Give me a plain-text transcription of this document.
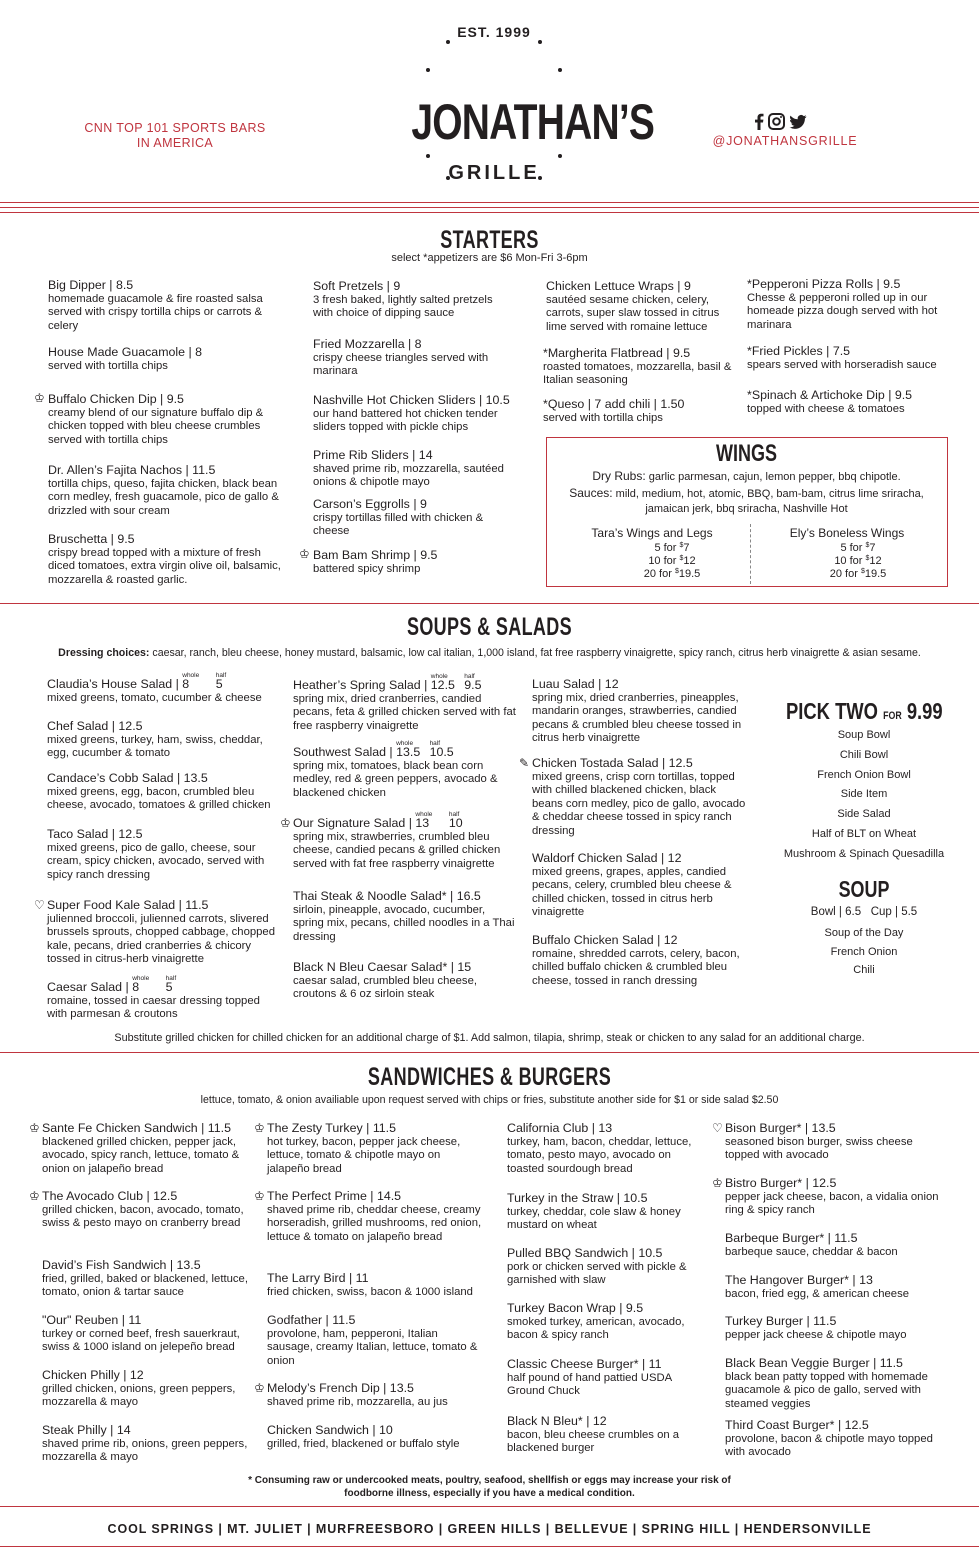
CNN TOP 101 SPORTS BARS
IN AMERICA
EST. 1999
JONATHAN’S
GRILLE
@JONATHANSGRILLE
STARTERS
select *appetizers are $6 Mon-Fri 3-6pm
Big Dipper | 8.5
homemade guacamole & fire roasted salsa served with crispy tortilla chips or carrots & celery
House Made Guacamole | 8
served with tortilla chips
♔ Buffalo Chicken Dip | 9.5
creamy blend of our signature buffalo dip & chicken topped with bleu cheese crumbles served with tortilla chips
Dr. Allen’s Fajita Nachos | 11.5
tortilla chips, queso, fajita chicken, black bean corn medley, fresh guacamole, pico de gallo & drizzled with sour cream
Bruschetta | 9.5
crispy bread topped with a mixture of fresh diced tomatoes, extra virgin olive oil, balsamic, mozzarella & roasted garlic.
Soft Pretzels | 9
3 fresh baked, lightly salted pretzels with choice of dipping sauce
Fried Mozzarella | 8
crispy cheese triangles served with marinara
Nashville Hot Chicken Sliders | 10.5
our hand battered hot chicken tender sliders topped with pickle chips
Prime Rib Sliders | 14
shaved prime rib, mozzarella, sautéed onions & chipotle mayo
Carson’s Eggrolls | 9
crispy tortillas filled with chicken & cheese
♔ Bam Bam Shrimp | 9.5
battered spicy shrimp
Chicken Lettuce Wraps | 9
sautéed sesame chicken, celery, carrots, super slaw tossed in citrus lime served with romaine lettuce
*Margherita Flatbread | 9.5
roasted tomatoes, mozzarella, basil & Italian seasoning
*Queso | 7 add chili | 1.50
served with tortilla chips
*Pepperoni Pizza Rolls | 9.5
Chesse & pepperoni rolled up in our homeade pizza dough served with hot marinara
*Fried Pickles | 7.5
spears served with horseradish sauce
*Spinach & Artichoke Dip | 9.5
topped with cheese & tomatoes
WINGS
Dry Rubs: garlic parmesan, cajun, lemon pepper, bbq chipotle.
Sauces: mild, medium, hot, atomic, BBQ, bam-bam, citrus lime sriracha,
jamaican jerk, bbq sriracha, Nashville Hot
Tara’s Wings and Legs	Ely’s Boneless Wings
5 for $7
10 for $12
20 for $19.5
5 for $7
10 for $12
20 for $19.5
SOUPS & SALADS
Dressing choices: caesar, ranch, bleu cheese, honey mustard, balsamic, low cal italian, 1,000 island, fat free raspberry vinaigrette, spicy ranch, citrus herb vinaigrette & asian sesame.
Claudia’s House Salad |
whole
8
half
5
mixed greens, tomato, cucumber & cheese
Chef Salad | 12.5
mixed greens, turkey, ham, swiss, cheddar, egg, cucumber & tomato
Candace’s Cobb Salad | 13.5
mixed greens, egg, bacon, crumbled bleu cheese, avocado, tomatoes & grilled chicken
Taco Salad | 12.5
mixed greens, pico de gallo, cheese, sour cream, spicy chicken, avocado, served with spicy ranch dressing
♡ Super Food Kale Salad | 11.5
julienned broccoli, julienned carrots, slivered brussels sprouts, chopped cabbage, chopped kale, pecans, dried cranberries & chicory tossed in citrus-herb vinaigrette
Caesar Salad |
whole
8
half
5
romaine, tossed in caesar dressing topped with parmesan & croutons
Heather’s Spring Salad |
whole
12.5
half
9.5
spring mix, dried cranberries, candied pecans, feta & grilled chicken served with fat free raspberry vinaigrette
Southwest Salad |
whole
13.5
half
10.5
spring mix, tomatoes, black bean corn medley, red & green peppers, avocado & blackened chicken
♔ Our Signature Salad |
whole
13
half
10
spring mix, strawberries, crumbled bleu cheese, candied pecans & grilled chicken served with fat free raspberry vinaigrette
Thai Steak & Noodle Salad* | 16.5
sirloin, pineapple, avocado, cucumber, spring mix, pecans, chilled noodles in a Thai dressing
Black N Bleu Caesar Salad* | 15
caesar salad, crumbled bleu cheese, croutons & 6 oz sirloin steak
Luau Salad | 12
spring mix, dried cranberries, pineapples, mandarin oranges, strawberries, candied pecans & crumbled bleu cheese tossed in citrus herb vinaigrette
✎ Chicken Tostada Salad | 12.5
mixed greens, crisp corn tortillas, topped with chilled blackened chicken, black beans corn medley, pico de gallo, avocado & cheddar cheese tossed in spicy ranch dressing
Waldorf Chicken Salad | 12
mixed greens, grapes, apples, candied pecans, celery, crumbled bleu cheese & chilled chicken, tossed in citrus herb vinaigrette
Buffalo Chicken Salad | 12
romaine, shredded carrots, celery, bacon, chilled buffalo chicken & crumbled bleu cheese, tossed in ranch dressing
PICK TWO FOR 9.99
Soup Bowl
Chili Bowl
French Onion Bowl
Side Item
Side Salad
Half of BLT on Wheat
Mushroom & Spinach Quesadilla
SOUP
Bowl | 6.5 Cup | 5.5
Soup of the Day
French Onion
Chili
Substitute grilled chicken for chilled chicken for an additional charge of $1. Add salmon, tilapia, shrimp, steak or chicken to any salad for an additional charge.
SANDWICHES & BURGERS
lettuce, tomato, & onion availiable upon request served with chips or fries, substitute another side for $1 or side salad $2.50
♔ Sante Fe Chicken Sandwich | 11.5
blackened grilled chicken, pepper jack, avocado, spicy ranch, lettuce, tomato & onion on jalapeño bread
♔ The Avocado Club | 12.5
grilled chicken, bacon, avocado, tomato, swiss & pesto mayo on cranberry bread
David’s Fish Sandwich | 13.5
fried, grilled, baked or blackened, lettuce, tomato, onion & tartar sauce
"Our" Reuben | 11
turkey or corned beef, fresh sauerkraut, swiss & 1000 island on jelepeño bread
Chicken Philly | 12
grilled chicken, onions, green peppers, mozzarella & mayo
Steak Philly | 14
shaved prime rib, onions, green peppers, mozzarella & mayo
♔ The Zesty Turkey | 11.5
hot turkey, bacon, pepper jack cheese, lettuce, tomato & chipotle mayo on jalapeño bread
♔ The Perfect Prime | 14.5
shaved prime rib, cheddar cheese, creamy horseradish, grilled mushrooms, red onion, lettuce & tomato on jalapeño bread
The Larry Bird | 11
fried chicken, swiss, bacon & 1000 island
Godfather | 11.5
provolone, ham, pepperoni, Italian sausage, creamy Italian, lettuce, tomato & onion
♔ Melody’s French Dip | 13.5
shaved prime rib, mozzarella, au jus
Chicken Sandwich | 10
grilled, fried, blackened or buffalo style
California Club | 13
turkey, ham, bacon, cheddar, lettuce, tomato, pesto mayo, avocado on toasted sourdough bread
Turkey in the Straw | 10.5
turkey, cheddar, cole slaw & honey mustard on wheat
Pulled BBQ Sandwich | 10.5
pork or chicken served with pickle & garnished with slaw
Turkey Bacon Wrap | 9.5
smoked turkey, american, avocado, bacon & spicy ranch
Classic Cheese Burger* | 11
half pound of hand pattied USDA Ground Chuck
Black N Bleu* | 12
bacon, bleu cheese crumbles on a blackened burger
♡ Bison Burger* | 13.5
seasoned bison burger, swiss cheese topped with avocado
♔ Bistro Burger* | 12.5
pepper jack cheese, bacon, a vidalia onion ring & spicy ranch
Barbeque Burger* | 11.5
barbeque sauce, cheddar & bacon
The Hangover Burger* | 13
bacon, fried egg, & american cheese
Turkey Burger | 11.5
pepper jack cheese & chipotle mayo
Black Bean Veggie Burger | 11.5
black bean patty topped with homemade guacamole & pico de gallo, served with steamed veggies
Third Coast Burger* | 12.5
provolone, bacon & chipotle mayo topped with avocado
* Consuming raw or undercooked meats, poultry, seafood, shellfish or eggs may increase your risk of
foodborne illness, especially if you have a medical condition.
COOL SPRINGS | MT. JULIET | MURFREESBORO | GREEN HILLS | BELLEVUE | SPRING HILL | HENDERSONVILLE
